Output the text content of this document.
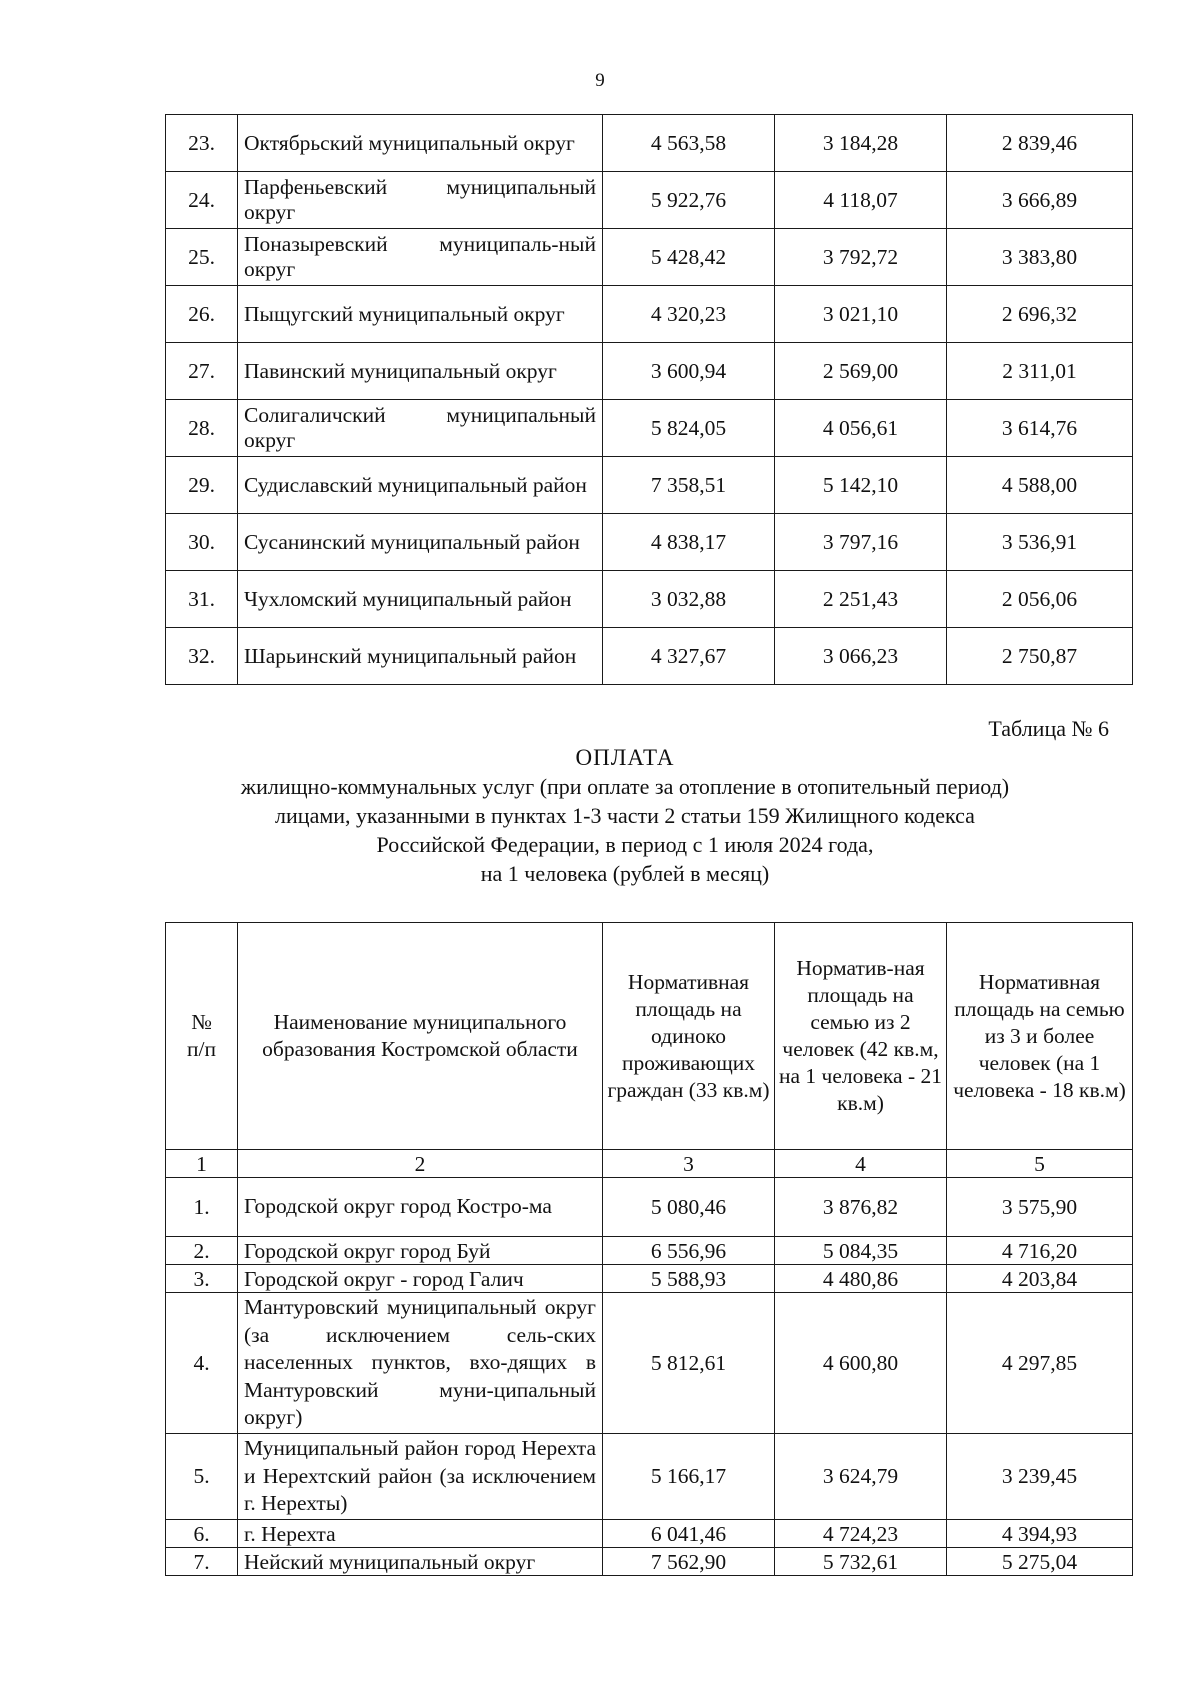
9
23.	Октябрьский муниципальный округ	4 563,58	3 184,28	2 839,46
24.	Парфеньевский муниципальный округ	5 922,76	4 118,07	3 666,89
25.	Поназыревский муниципаль-ный округ	5 428,42	3 792,72	3 383,80
26.	Пыщугский муниципальный округ	4 320,23	3 021,10	2 696,32
27.	Павинский муниципальный округ	3 600,94	2 569,00	2 311,01
28.	Солигаличский муниципальный округ	5 824,05	4 056,61	3 614,76
29.	Судиславский муниципальный район	7 358,51	5 142,10	4 588,00
30.	Сусанинский муниципальный район	4 838,17	3 797,16	3 536,91
31.	Чухломский муниципальный район	3 032,88	2 251,43	2 056,06
32.	Шарьинский муниципальный район	4 327,67	3 066,23	2 750,87
Таблица № 6
ОПЛАТА
жилищно-коммунальных услуг (при оплате за отопление в отопительный период)
лицами, указанными в пунктах 1-3 части 2 статьи 159 Жилищного кодекса
Российской Федерации, в период с 1 июля 2024 года,
на 1 человека (рублей в месяц)
№ п/п	Наименование муниципального образования Костромской области	Нормативная площадь на одиноко проживающих граждан (33 кв.м)	Норматив-ная площадь на семью из 2 человек (42 кв.м, на 1 человека - 21 кв.м)	Нормативная площадь на семью из 3 и более человек (на 1 человека - 18 кв.м)
1	2	3	4	5
1.	Городской округ город Костро-ма	5 080,46	3 876,82	3 575,90
2.	Городской округ город Буй	6 556,96	5 084,35	4 716,20
3.	Городской округ - город Галич	5 588,93	4 480,86	4 203,84
4.	Мантуровский муниципальный округ (за исключением сель-ских населенных пунктов, вхо-дящих в Мантуровский муни-ципальный округ)	5 812,61	4 600,80	4 297,85
5.	Муниципальный район город Нерехта и Нерехтский район (за исключением г. Нерехты)	5 166,17	3 624,79	3 239,45
6.	г. Нерехта	6 041,46	4 724,23	4 394,93
7.	Нейский муниципальный округ	7 562,90	5 732,61	5 275,04
